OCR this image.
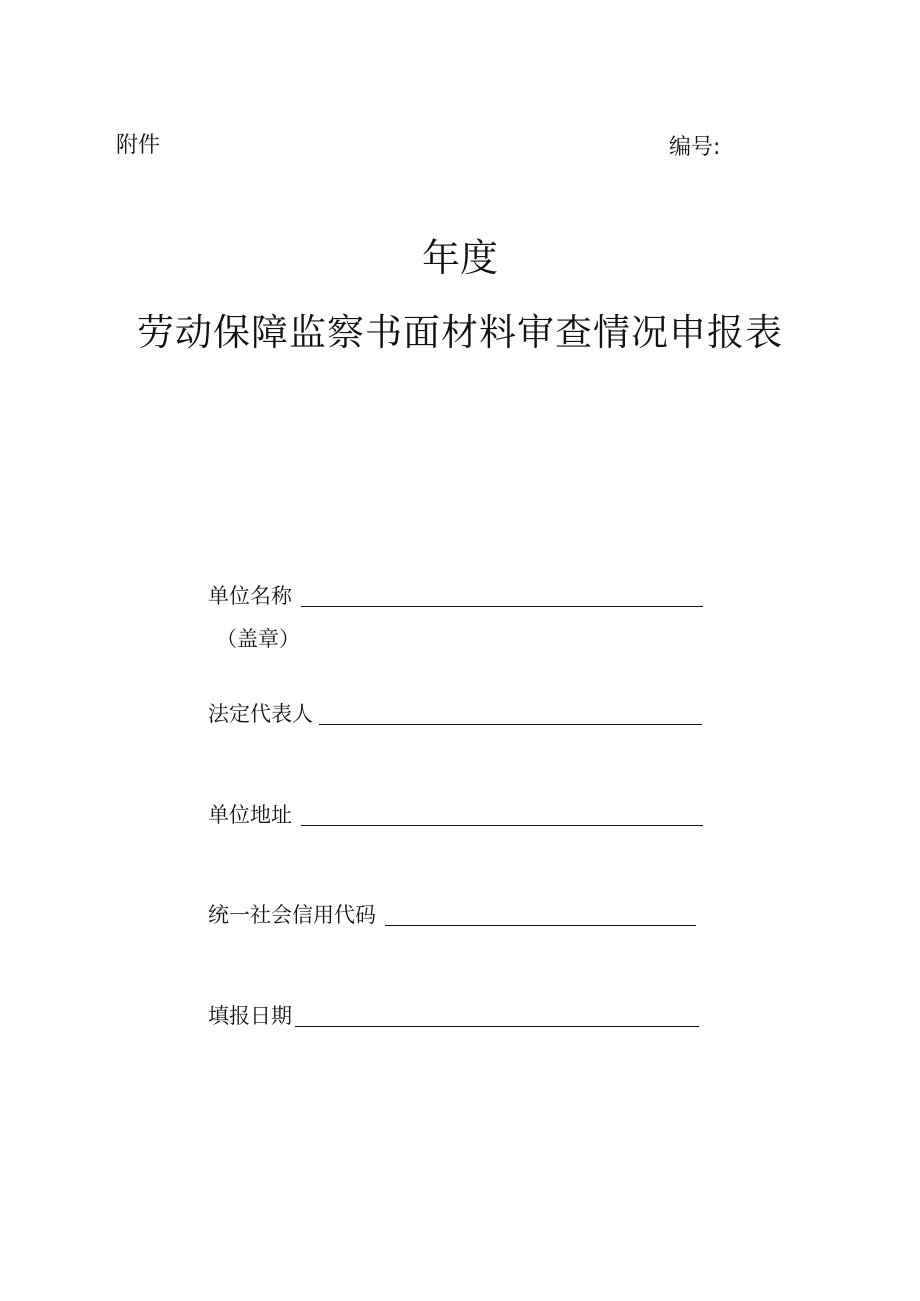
附件	编号:
年度
劳动保障监察书面材料审查情况申报表
单位名称
（盖章）
法定代表人
单位地址
统一社会信用代码
填报日期
